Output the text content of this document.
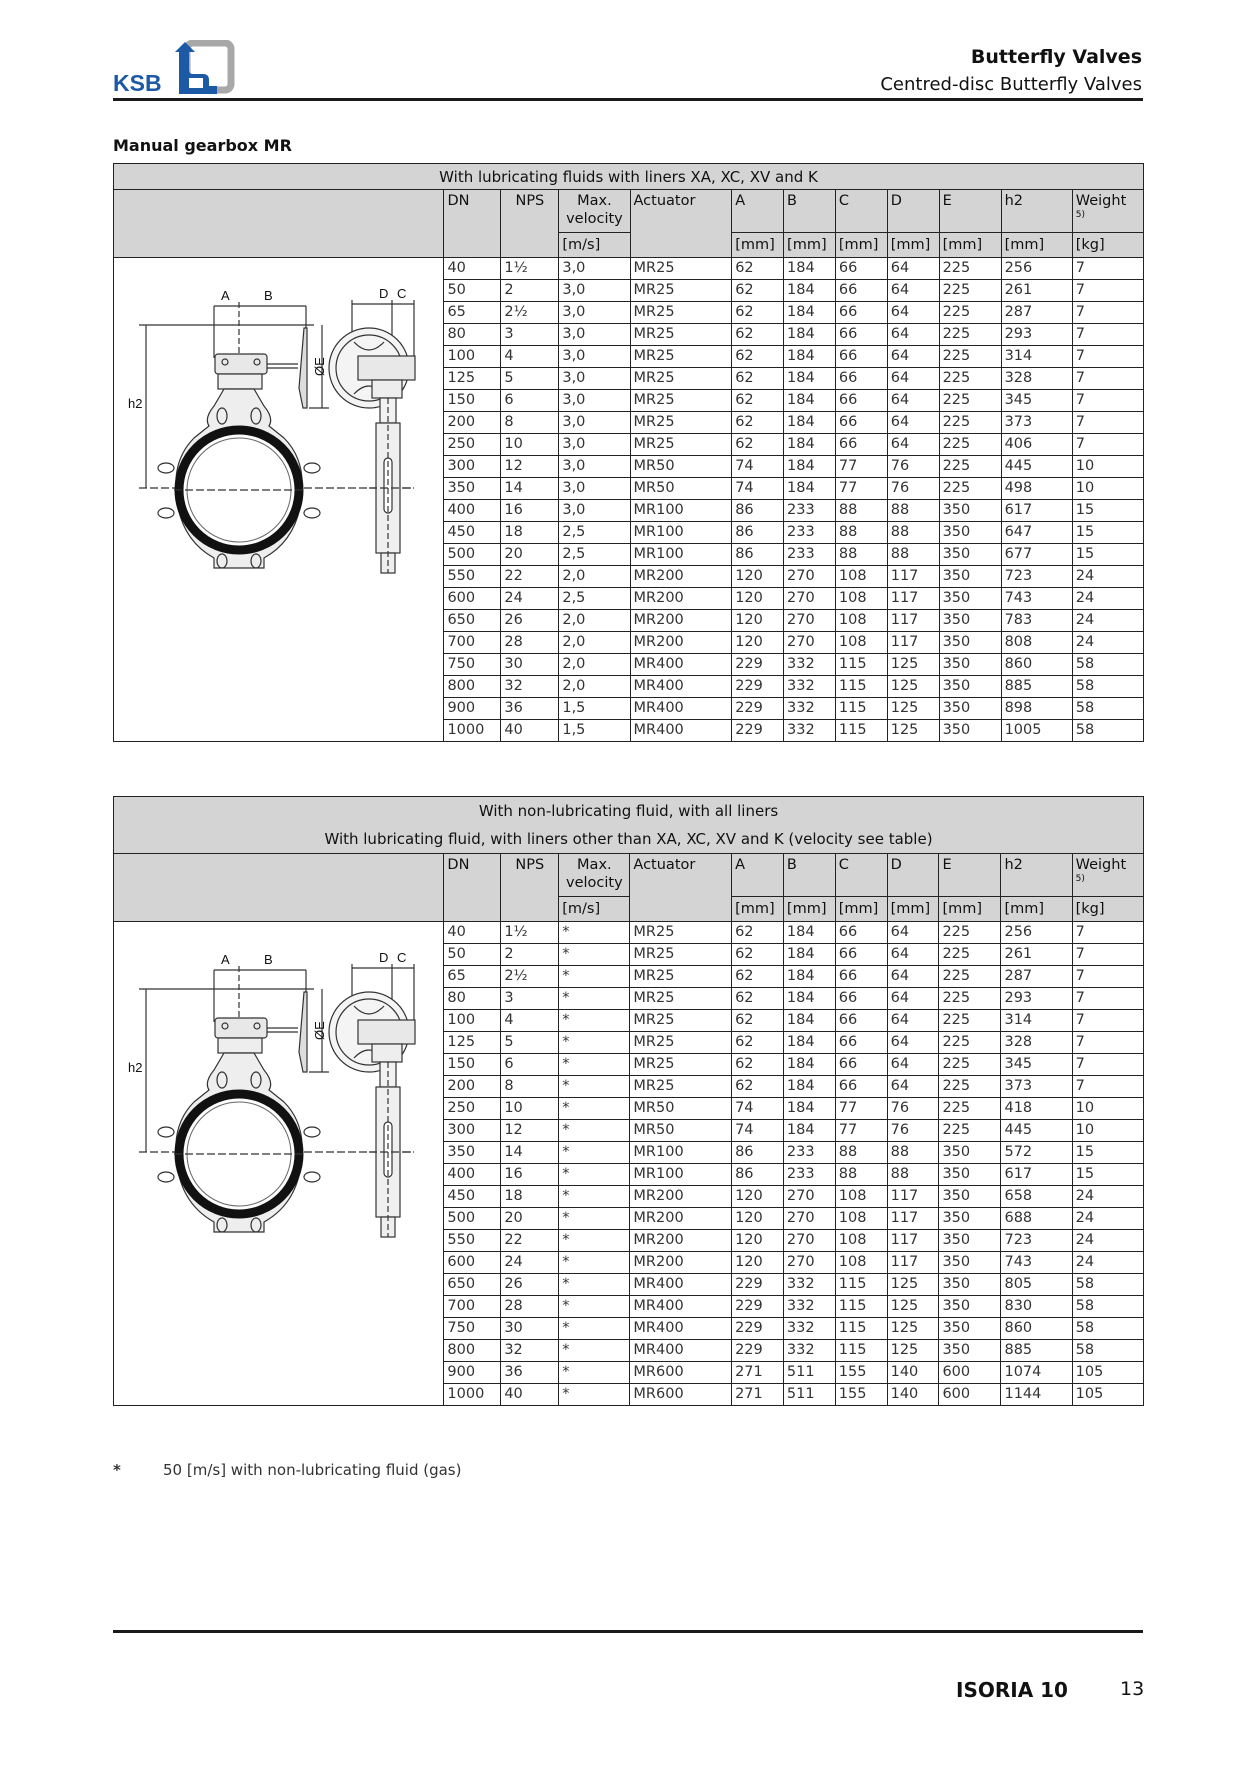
KSB
Butterfly Valves
Centred-disc Butterfly Valves
Manual gearbox MR
With lubricating fluids with liners XA, XC, XV and K											
	DN	NPS	Max. velocity	Actuator	A	B	C	D	E	h2	Weight
5)

			[m/s]		[mm]	[mm]	[mm]	[mm]	[mm]	[mm]	[kg]

A	B	D C
h2
ØE
	40	1½	3,0	MR25	62	184	66	64	225	256	7
	50	2	3,0	MR25	62	184	66	64	225	261	7
	65	2½	3,0	MR25	62	184	66	64	225	287	7
	80	3	3,0	MR25	62	184	66	64	225	293	7
	100	4	3,0	MR25	62	184	66	64	225	314	7
	125	5	3,0	MR25	62	184	66	64	225	328	7
	150	6	3,0	MR25	62	184	66	64	225	345	7
	200	8	3,0	MR25	62	184	66	64	225	373	7
	250	10	3,0	MR25	62	184	66	64	225	406	7
	300	12	3,0	MR50	74	184	77	76	225	445	10
	350	14	3,0	MR50	74	184	77	76	225	498	10
	400	16	3,0	MR100	86	233	88	88	350	617	15
	450	18	2,5	MR100	86	233	88	88	350	647	15
	500	20	2,5	MR100	86	233	88	88	350	677	15
	550	22	2,0	MR200	120	270	108	117	350	723	24
	600	24	2,5	MR200	120	270	108	117	350	743	24
	650	26	2,0	MR200	120	270	108	117	350	783	24
	700	28	2,0	MR200	120	270	108	117	350	808	24
	750	30	2,0	MR400	229	332	115	125	350	860	58
	800	32	2,0	MR400	229	332	115	125	350	885	58
	900	36	1,5	MR400	229	332	115	125	350	898	58
	1000	40	1,5	MR400	229	332	115	125	350	1005	58
With non-lubricating fluid, with all liners
With lubricating fluid, with liners other than XA, XC, XV and K (velocity see table)											

	DN	NPS	Max. velocity	Actuator	A	B	C	D	E	h2	Weight
5)

			[m/s]		[mm]	[mm]	[mm]	[mm]	[mm]	[mm]	[kg]

A	B	D C
h2
ØE
	40	1½	*	MR25	62	184	66	64	225	256	7
	50	2	*	MR25	62	184	66	64	225	261	7
	65	2½	*	MR25	62	184	66	64	225	287	7
	80	3	*	MR25	62	184	66	64	225	293	7
	100	4	*	MR25	62	184	66	64	225	314	7
	125	5	*	MR25	62	184	66	64	225	328	7
	150	6	*	MR25	62	184	66	64	225	345	7
	200	8	*	MR25	62	184	66	64	225	373	7
	250	10	*	MR50	74	184	77	76	225	418	10
	300	12	*	MR50	74	184	77	76	225	445	10
	350	14	*	MR100	86	233	88	88	350	572	15
	400	16	*	MR100	86	233	88	88	350	617	15
	450	18	*	MR200	120	270	108	117	350	658	24
	500	20	*	MR200	120	270	108	117	350	688	24
	550	22	*	MR200	120	270	108	117	350	723	24
	600	24	*	MR200	120	270	108	117	350	743	24
	650	26	*	MR400	229	332	115	125	350	805	58
	700	28	*	MR400	229	332	115	125	350	830	58
	750	30	*	MR400	229	332	115	125	350	860	58
	800	32	*	MR400	229	332	115	125	350	885	58
	900	36	*	MR600	271	511	155	140	600	1074	105
	1000	40	*	MR600	271	511	155	140	600	1144	105
*	50 [m/s] with non-lubricating fluid (gas)
ISORIA 10	13
